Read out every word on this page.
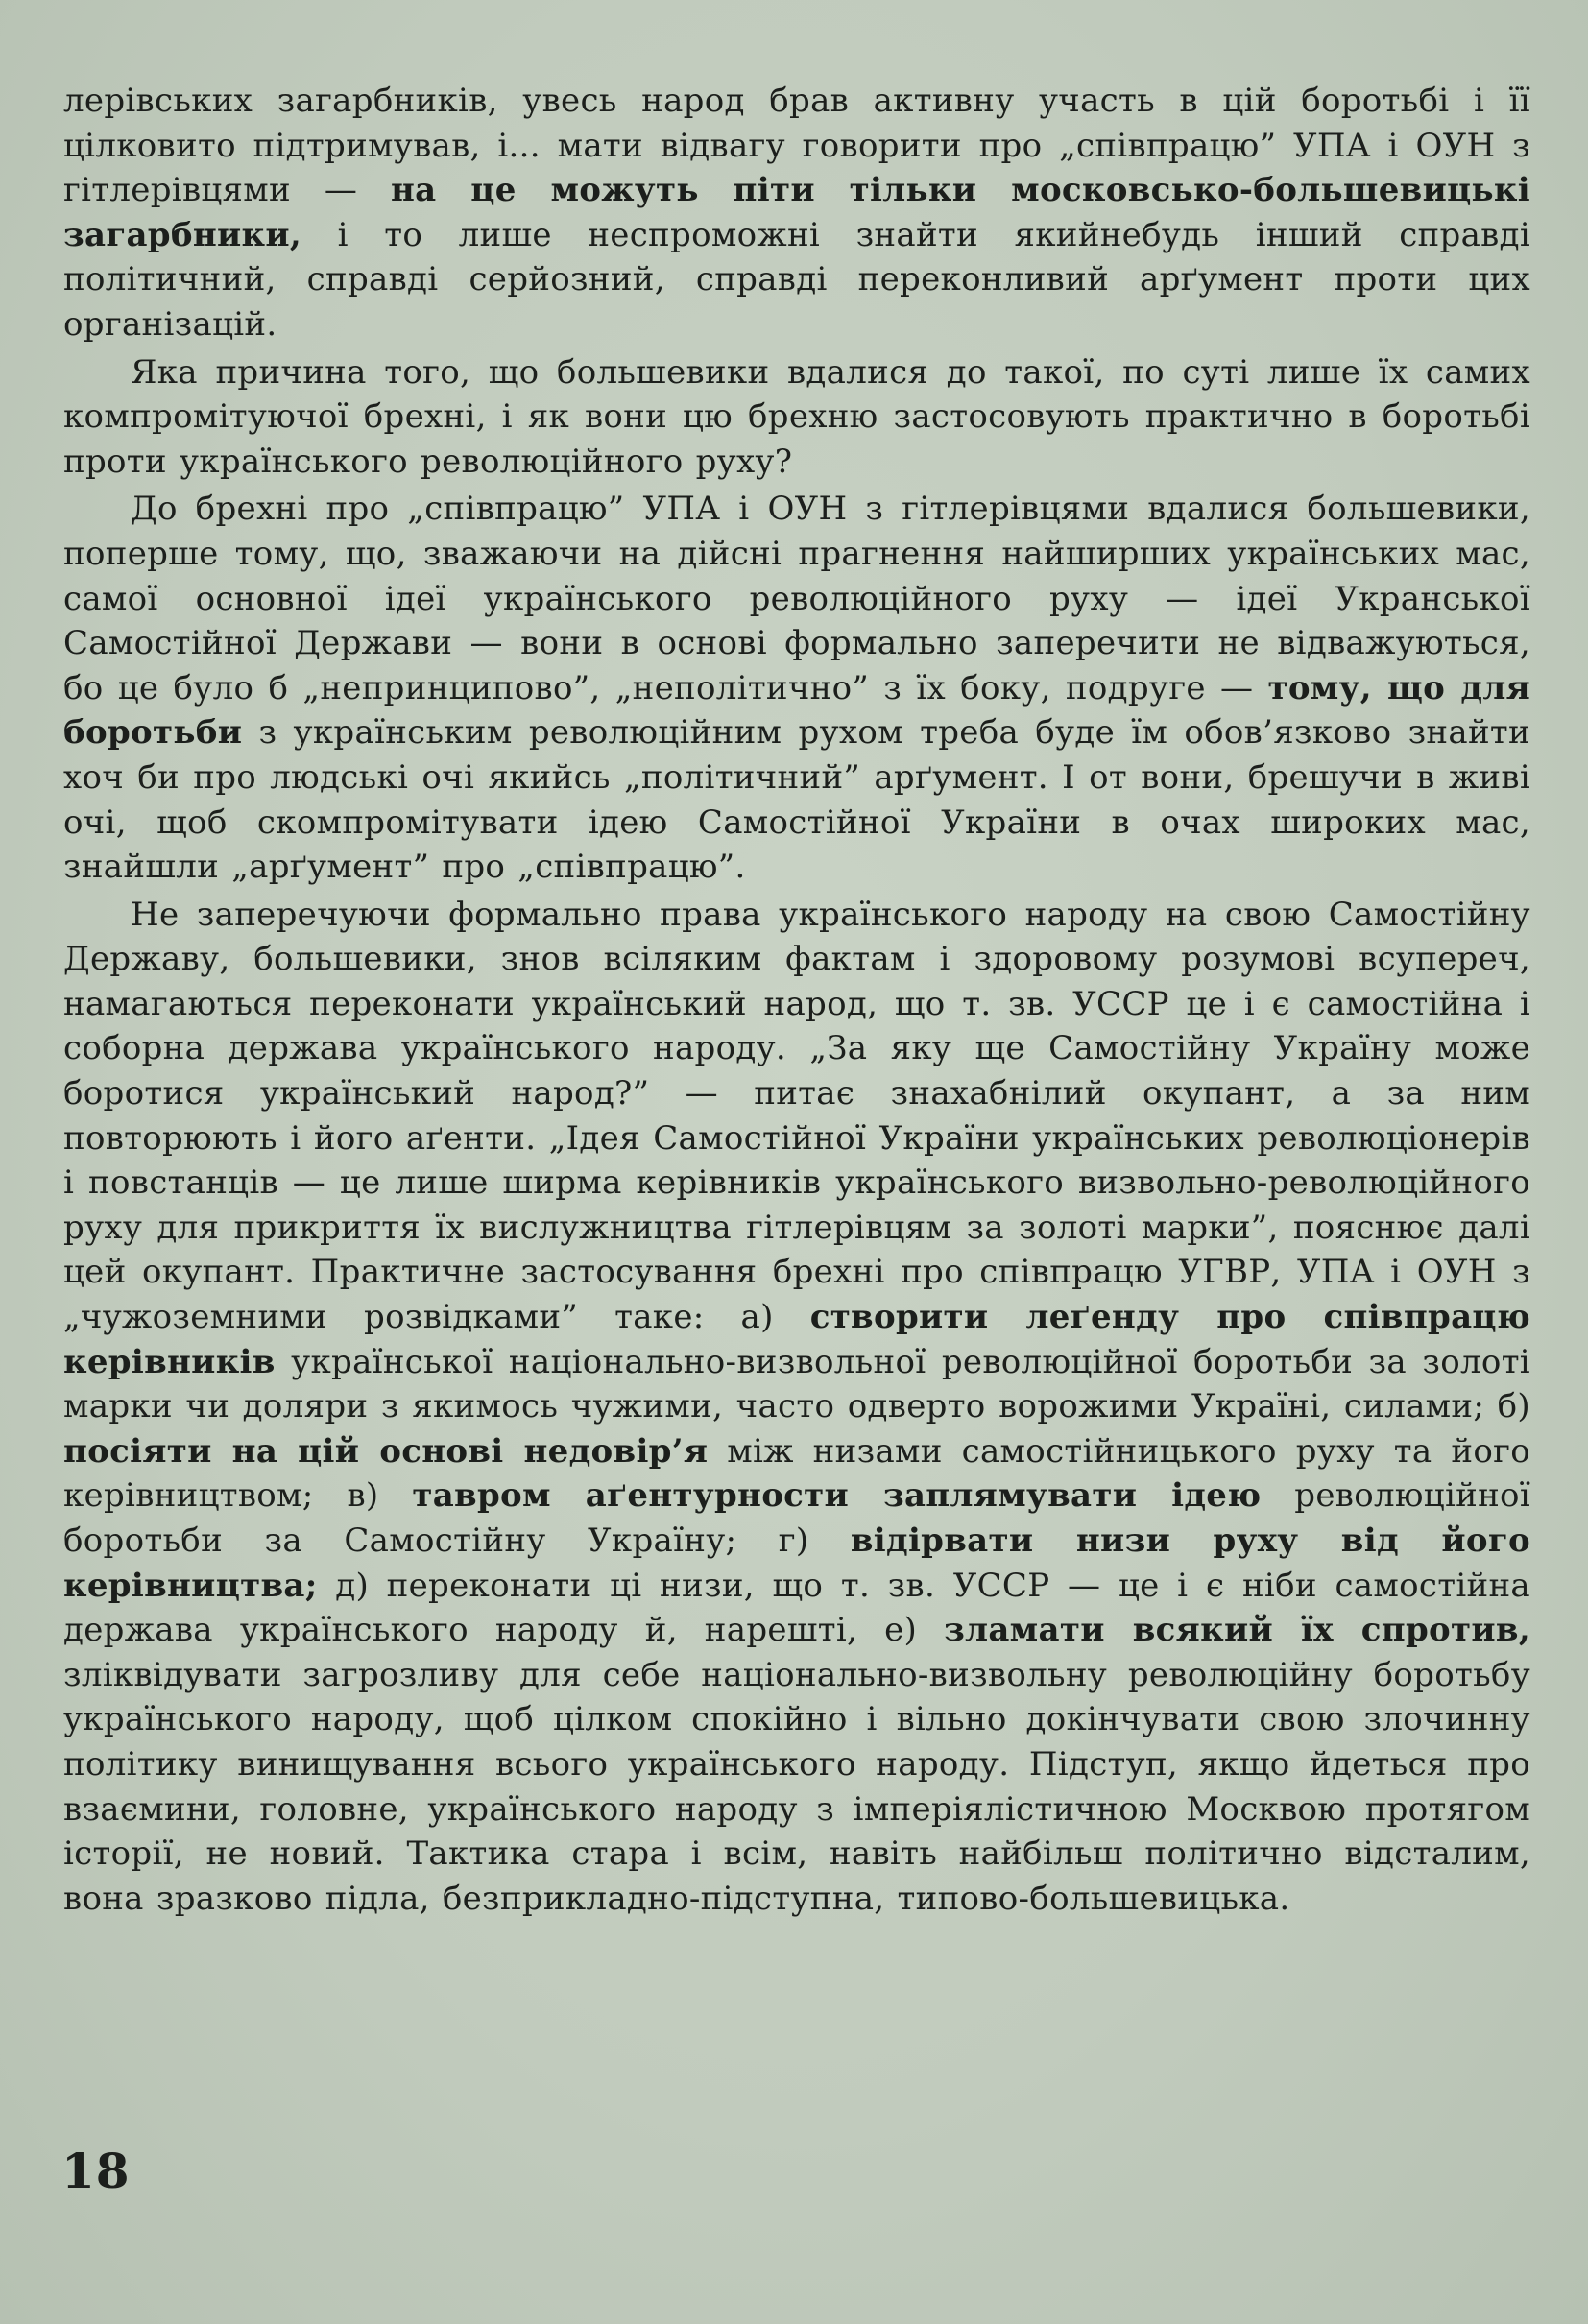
лерівських загарбників, увесь народ брав активну участь в цій боротьбі і її цілковито підтримував, і... мати відвагу говорити про „співпрацю” УПА і ОУН з гітлерівцями — на це можуть піти тільки московсько-большевицькі загарбники, і то лише неспроможні знайти якийнебудь інший справді політичний, справді серйозний, справді переконливий арґумент проти цих організацій.

Яка причина того, що большевики вдалися до такої, по суті лише їх самих компромітуючої брехні, і як вони цю брехню застосовують практично в боротьбі проти українського революційного руху?

До брехні про „співпрацю” УПА і ОУН з гітлерівцями вдалися большевики, поперше тому, що, зважаючи на дійсні прагнення найширших українських мас, самої основної ідеї українського революційного руху — ідеї Укранської Самостійної Держави — вони в основі формально заперечити не відважуються, бо це було б „непринципово”, „неполітично” з їх боку, подруге — тому, що для боротьби з українським революційним рухом треба буде їм обов’язково знайти хоч би про людські очі якийсь „політичний” арґумент. І от вони, брешучи в живі очі, щоб скомпромітувати ідею Самостійної України в очах широких мас, знайшли „арґумент” про „співпрацю”.

Не заперечуючи формально права українського народу на свою Самостійну Державу, большевики, знов всіляким фактам і здоровому розумові всупереч, намагаються переконати український народ, що т. зв. УССР це і є самостійна і соборна держава українського народу. „За яку ще Самостійну Україну може боротися український народ?” — питає знахабнілий окупант, а за ним повторюють і його аґенти. „Ідея Самостійної України українських революціонерів і повстанців — це лише ширма керівників українського визвольно-революційного руху для прикриття їх вислужництва гітлерівцям за золоті марки”, пояснює далі цей окупант. Практичне застосування брехні про співпрацю УГВР, УПА і ОУН з „чужоземними розвідками” таке: а) створити леґенду про співпрацю керівників української національно-визвольної революційної боротьби за золоті марки чи доляри з якимось чужими, часто одверто ворожими Україні, силами; б) посіяти на цій основі недовір’я між низами самостійницького руху та його керівництвом; в) тавром аґентурности заплямувати ідею революційної боротьби за Самостійну Україну; г) відірвати низи руху від його керівництва; д) переконати ці низи, що т. зв. УССР — це і є ніби самостійна держава українського народу й, нарешті, е) зламати всякий їх спротив, зліквідувати загрозливу для себе національно-визвольну революційну боротьбу українського народу, щоб цілком спокійно і вільно докінчувати свою злочинну політику винищування всього українського народу. Підступ, якщо йдеться про взаємини, головне, українського народу з імперіялістичною Москвою протягом історії, не новий. Тактика стара і всім, навіть найбільш політично відсталим, вона зразково підла, безприкладно-підступна, типово-большевицька.

18
